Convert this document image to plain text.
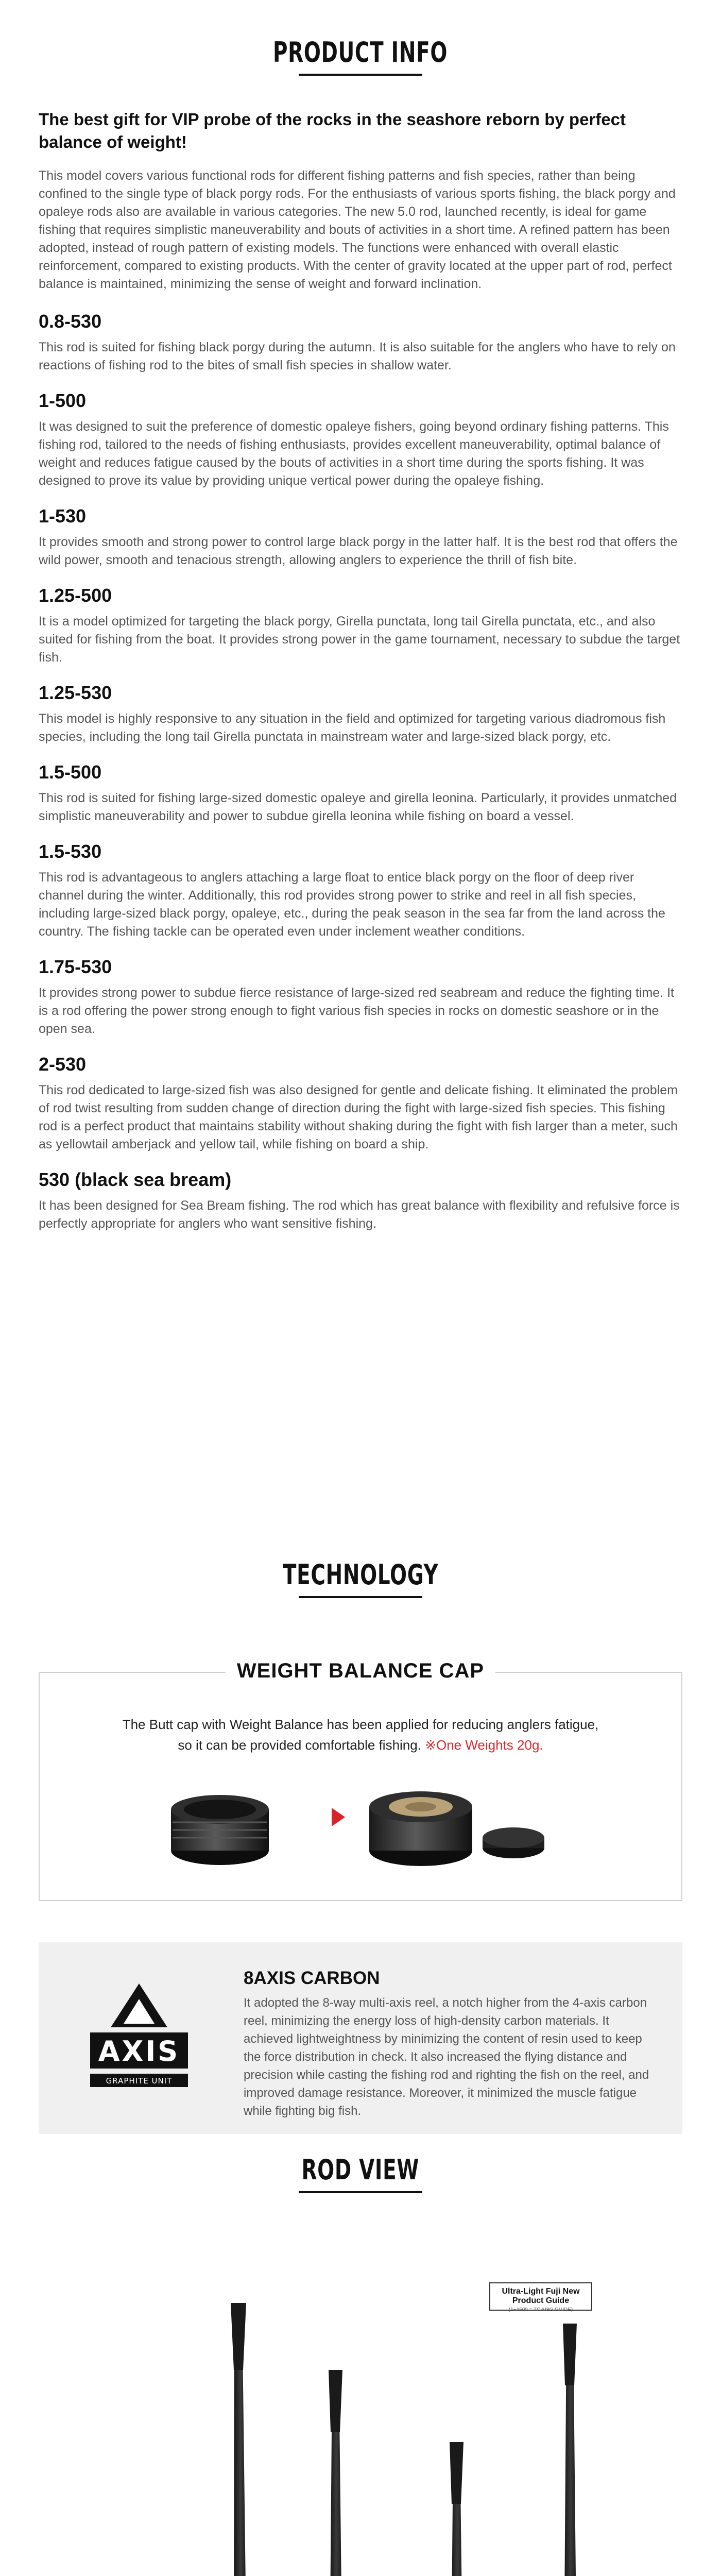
PRODUCT INFO

The best gift for VIP probe of the rocks in the seashore reborn by perfect balance of weight!

This model covers various functional rods for different fishing patterns and fish species, rather than being confined to the single type of black porgy rods. For the enthusiasts of various sports fishing, the black porgy and opaleye rods also are available in various categories. The new 5.0 rod, launched recently, is ideal for game fishing that requires simplistic maneuverability and bouts of activities in a short time. A refined pattern has been adopted, instead of rough pattern of existing models. The functions were enhanced with overall elastic reinforcement, compared to existing products. With the center of gravity located at the upper part of rod, perfect balance is maintained, minimizing the sense of weight and forward inclination.

0.8-530

This rod is suited for fishing black porgy during the autumn. It is also suitable for the anglers who have to rely on reactions of fishing rod to the bites of small fish species in shallow water.

1-500

It was designed to suit the preference of domestic opaleye fishers, going beyond ordinary fishing patterns. This fishing rod, tailored to the needs of fishing enthusiasts, provides excellent maneuverability, optimal balance of weight and reduces fatigue caused by the bouts of activities in a short time during the sports fishing. It was designed to prove its value by providing unique vertical power during the opaleye fishing.

1-530

It provides smooth and strong power to control large black porgy in the latter half. It is the best rod that offers the wild power, smooth and tenacious strength, allowing anglers to experience the thrill of fish bite.

1.25-500

It is a model optimized for targeting the black porgy, Girella punctata, long tail Girella punctata, etc., and also suited for fishing from the boat. It provides strong power in the game tournament, necessary to subdue the target fish.

1.25-530

This model is highly responsive to any situation in the field and optimized for targeting various diadromous fish species, including the long tail Girella punctata in mainstream water and large-sized black porgy, etc.

1.5-500

This rod is suited for fishing large-sized domestic opaleye and girella leonina. Particularly, it provides unmatched simplistic maneuverability and power to subdue girella leonina while fishing on board a vessel.

1.5-530

This rod is advantageous to anglers attaching a large float to entice black porgy on the floor of deep river channel during the winter. Additionally, this rod provides strong power to strike and reel in all fish species, including large-sized black porgy, opaleye, etc., during the peak season in the sea far from the land across the country. The fishing tackle can be operated even under inclement weather conditions.

1.75-530

It provides strong power to subdue fierce resistance of large-sized red seabream and reduce the fighting time. It is a rod offering the power strong enough to fight various fish species in rocks on domestic seashore or in the open sea.

2-530

This rod dedicated to large-sized fish was also designed for gentle and delicate fishing. It eliminated the problem of rod twist resulting from sudden change of direction during the fight with large-sized fish species. This fishing rod is a perfect product that maintains stability without shaking during the fight with fish larger than a meter, such as yellowtail amberjack and yellow tail, while fishing on board a ship.

530 (black sea bream)

It has been designed for Sea Bream fishing. The rod which has great balance with flexibility and refulsive force is perfectly appropriate for anglers who want sensitive fishing.

TECHNOLOGY
WEIGHT BALANCE CAP
The Butt cap with Weight Balance has been applied for reducing anglers fatigue,
so it can be provided comfortable fishing. ※One Weights 20g.
AXIS
GRAPHITE UNIT
8AXIS CARBON
It adopted the 8-way multi-axis reel, a notch higher from the 4-axis carbon reel, minimizing the energy loss of high-density carbon materials. It achieved lightweightness by minimizing the content of resin used to keep the force distribution in check. It also increased the flying distance and precision while casting the fishing rod and righting the fish on the reel, and improved damage resistance. Moreover, it minimized the muscle fatigue while fighting big fish.
ROD VIEW
Ultra-Light Fuji New Product Guide
(1~#600 = TC-M8G GUIDE)
